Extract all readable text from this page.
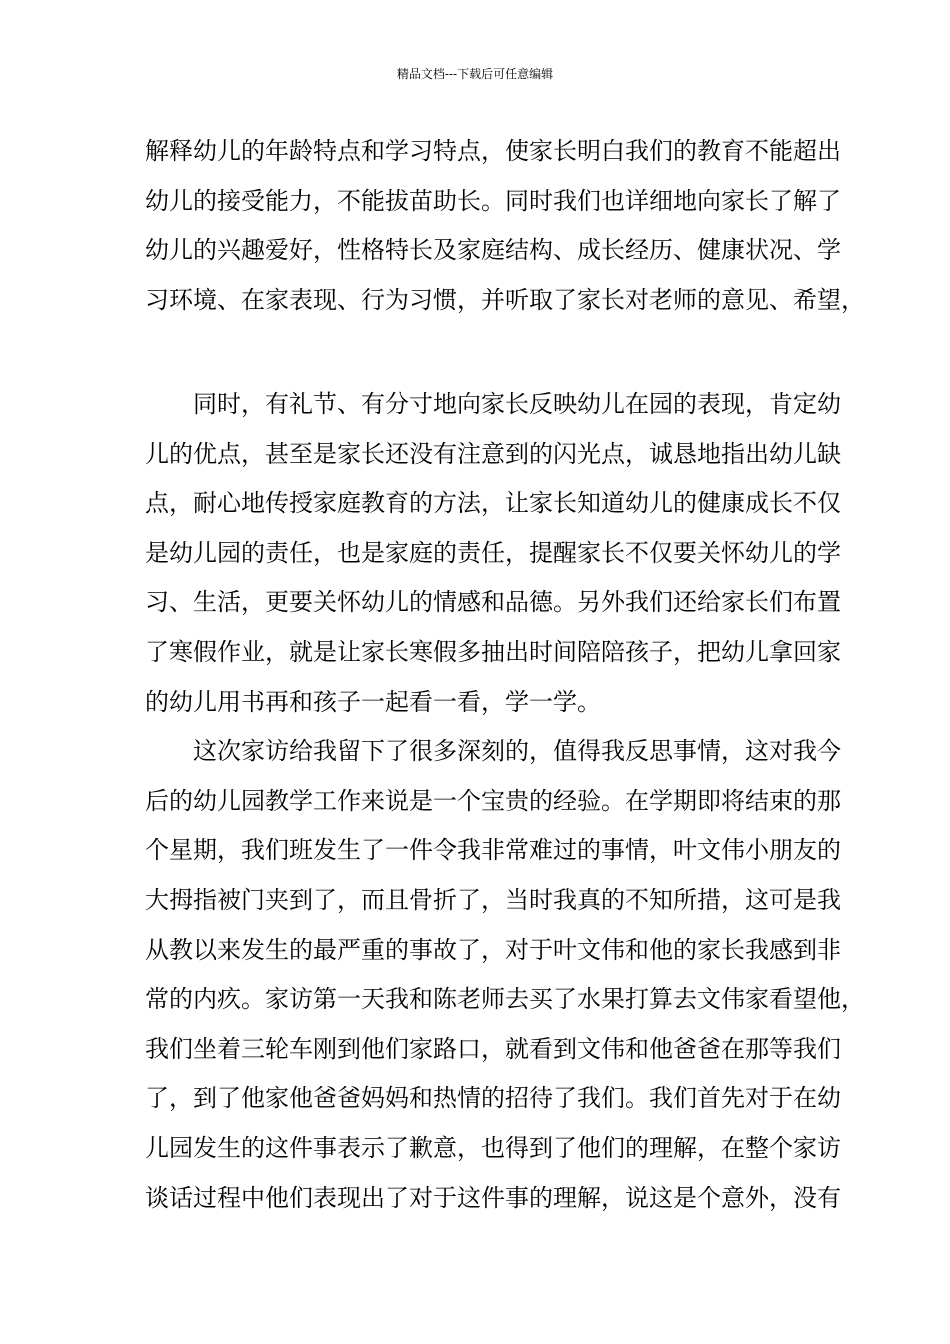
精品文档---下载后可任意编辑
解释幼儿的年龄特点和学习特点，使家长明白我们的教育不能超出
幼儿的接受能力，不能拔苗助长。同时我们也详细地向家长了解了
幼儿的兴趣爱好，性格特长及家庭结构、成长经历、健康状况、学
习环境、在家表现、行为习惯，并听取了家长对老师的意见、希望，
　　同时，有礼节、有分寸地向家长反映幼儿在园的表现，肯定幼
儿的优点，甚至是家长还没有注意到的闪光点，诚恳地指出幼儿缺
点，耐心地传授家庭教育的方法，让家长知道幼儿的健康成长不仅
是幼儿园的责任，也是家庭的责任，提醒家长不仅要关怀幼儿的学
习、生活，更要关怀幼儿的情感和品德。另外我们还给家长们布置
了寒假作业，就是让家长寒假多抽出时间陪陪孩子，把幼儿拿回家
的幼儿用书再和孩子一起看一看，学一学。
　　这次家访给我留下了很多深刻的，值得我反思事情，这对我今
后的幼儿园教学工作来说是一个宝贵的经验。在学期即将结束的那
个星期，我们班发生了一件令我非常难过的事情，叶文伟小朋友的
大拇指被门夹到了，而且骨折了，当时我真的不知所措，这可是我
从教以来发生的最严重的事故了，对于叶文伟和他的家长我感到非
常的内疚。家访第一天我和陈老师去买了水果打算去文伟家看望他，
我们坐着三轮车刚到他们家路口，就看到文伟和他爸爸在那等我们
了，到了他家他爸爸妈妈和热情的招待了我们。我们首先对于在幼
儿园发生的这件事表示了歉意，也得到了他们的理解，在整个家访
谈话过程中他们表现出了对于这件事的理解，说这是个意外，没有
